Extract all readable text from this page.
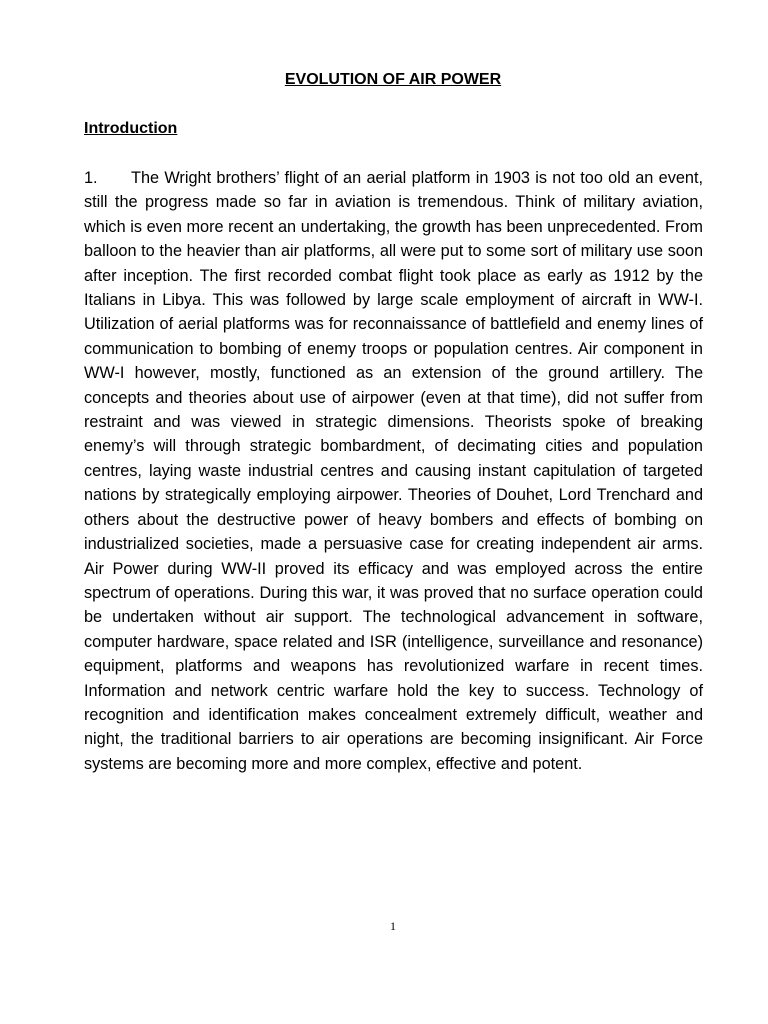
EVOLUTION OF AIR POWER
Introduction

1. The Wright brothers’ flight of an aerial platform in 1903 is not too old an event, still the progress made so far in aviation is tremendous. Think of military aviation, which is even more recent an undertaking, the growth has been unprecedented. From balloon to the heavier than air platforms, all were put to some sort of military use soon after inception. The first recorded combat flight took place as early as 1912 by the Italians in Libya. This was followed by large scale employment of aircraft in WW-I. Utilization of aerial platforms was for reconnaissance of battlefield and enemy lines of communication to bombing of enemy troops or population centres. Air component in WW-I however, mostly, functioned as an extension of the ground artillery. The concepts and theories about use of airpower (even at that time), did not suffer from restraint and was viewed in strategic dimensions. Theorists spoke of breaking enemy’s will through strategic bombardment, of decimating cities and population centres, laying waste industrial centres and causing instant capitulation of targeted nations by strategically employing airpower. Theories of Douhet, Lord Trenchard and others about the destructive power of heavy bombers and effects of bombing on industrialized societies, made a persuasive case for creating independent air arms. Air Power during WW-II proved its efficacy and was employed across the entire spectrum of operations. During this war, it was proved that no surface operation could be undertaken without air support. The technological advancement in software, computer hardware, space related and ISR (intelligence, surveillance and resonance) equipment, platforms and weapons has revolutionized warfare in recent times. Information and network centric warfare hold the key to success. Technology of recognition and identification makes concealment extremely difficult, weather and night, the traditional barriers to air operations are becoming insignificant. Air Force systems are becoming more and more complex, effective and potent.

1
